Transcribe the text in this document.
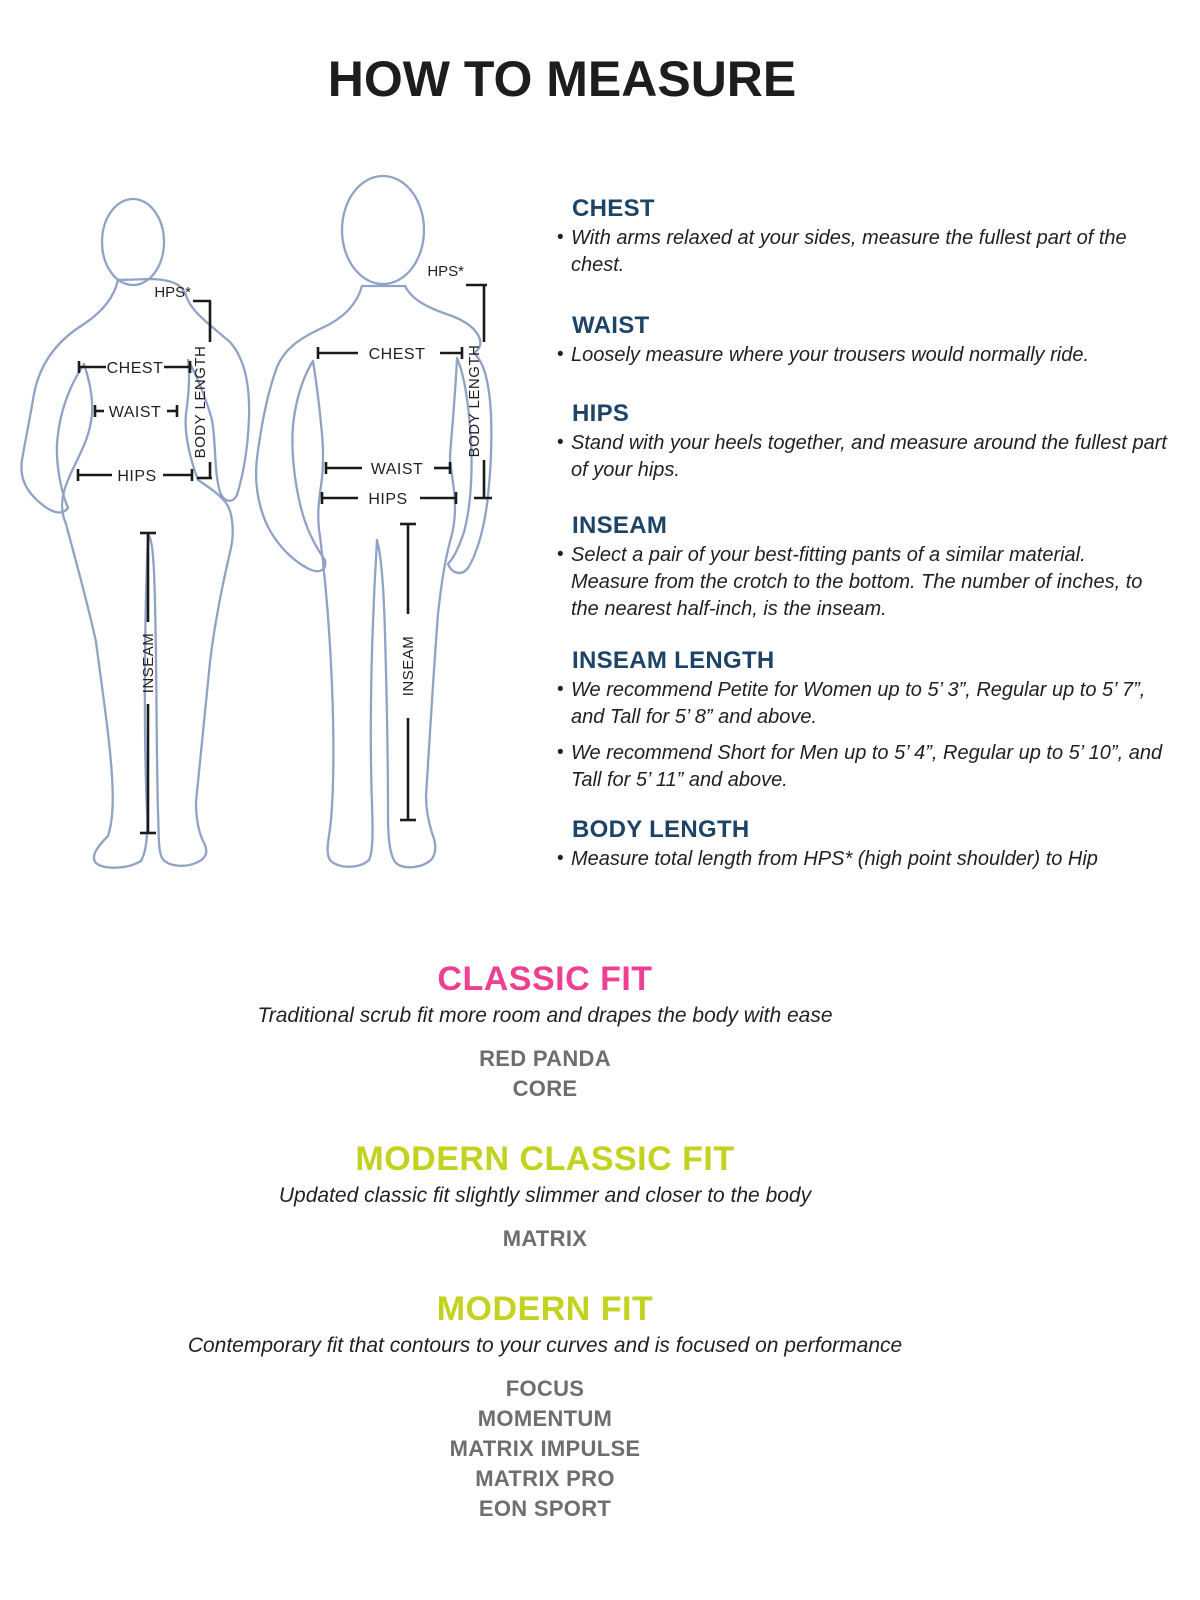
HOW TO MEASURE
CHEST
WAIST
HIPS
INSEAM
HPS*
BODY LENGTH	CHEST
WAIST
HIPS
INSEAM
HPS*
BODY LENGTH
CHEST
• With arms relaxed at your sides, measure the fullest part of the chest.
WAIST
• Loosely measure where your trousers would normally ride.
HIPS
• Stand with your heels together, and measure around the fullest part of your hips.
INSEAM
• Select a pair of your best-fitting pants of a similar material. Measure from the crotch to the bottom. The number of inches, to the nearest half-inch, is the inseam.
INSEAM LENGTH
• We recommend Petite for Women up to 5’ 3”, Regular up to 5’ 7”, and Tall for 5’ 8” and above.
• We recommend Short for Men up to 5’ 4”, Regular up to 5’ 10”, and Tall for 5’ 11” and above.
BODY LENGTH
• Measure total length from HPS* (high point shoulder) to Hip
CLASSIC FIT

Traditional scrub fit more room and drapes the body with ease

RED PANDA
CORE
MODERN CLASSIC FIT

Updated classic fit slightly slimmer and closer to the body

MATRIX
MODERN FIT

Contemporary fit that contours to your curves and is focused on performance

FOCUS
MOMENTUM
MATRIX IMPULSE
MATRIX PRO
EON SPORT
